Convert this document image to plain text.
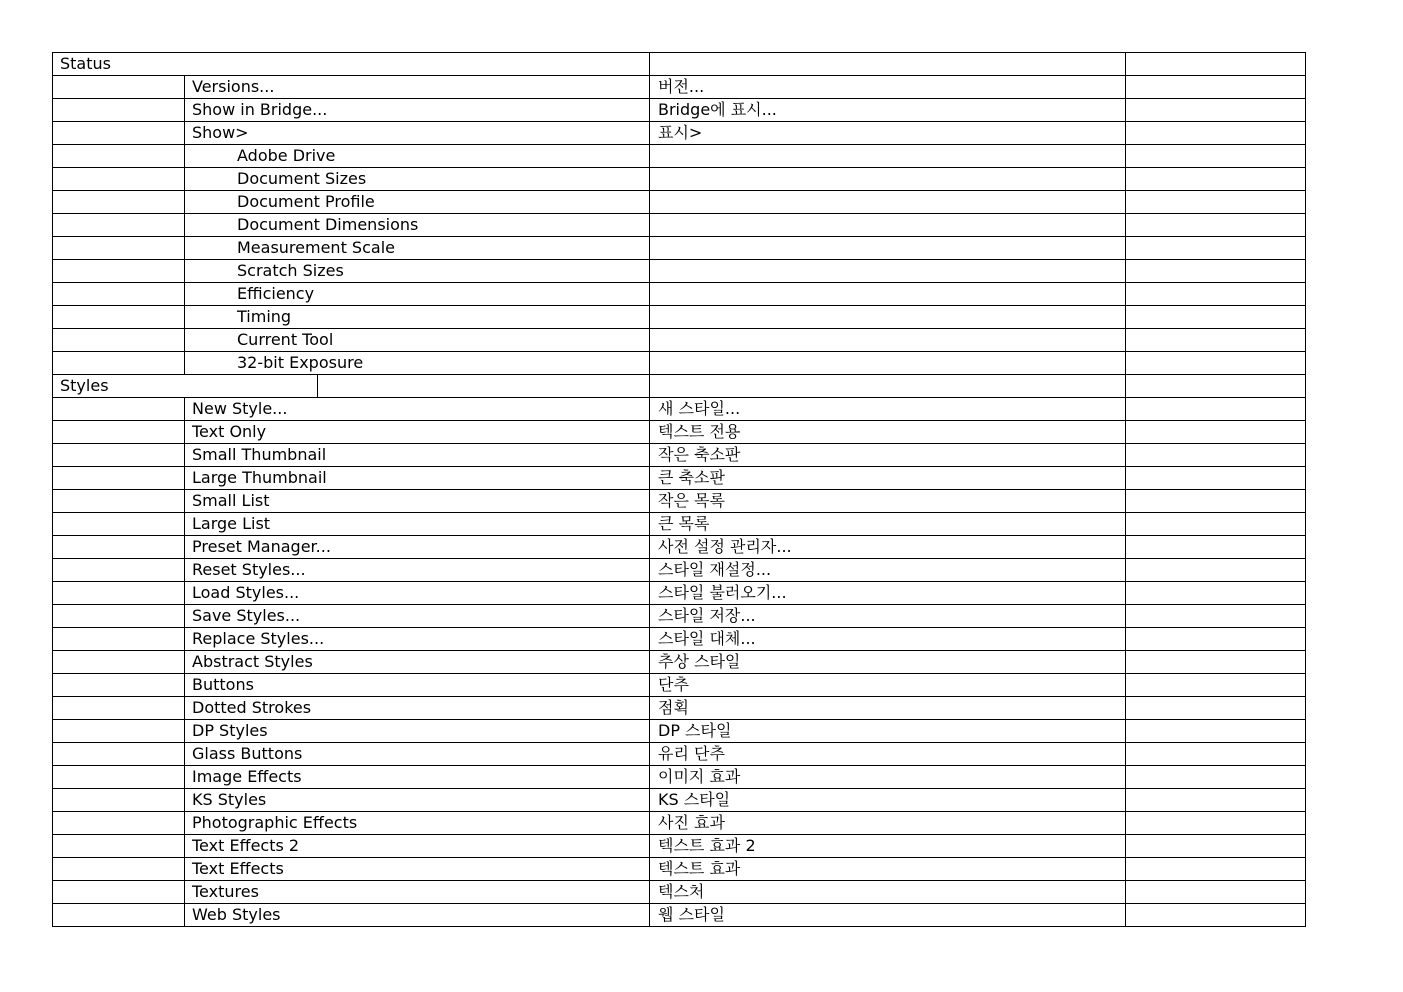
Status			
	Versions...	버전...	
	Show in Bridge...	Bridge에 표시...	
	Show>	표시>	
	Adobe Drive		
	Document Sizes		
	Document Profile		
	Document Dimensions		
	Measurement Scale		
	Scratch Sizes		
	Efficiency		
	Timing		
	Current Tool		
	32-bit Exposure		
Styles	

	New Style...	새 스타일...	
	Text Only	텍스트 전용	
	Small Thumbnail	작은 축소판	
	Large Thumbnail	큰 축소판	
	Small List	작은 목록	
	Large List	큰 목록	
	Preset Manager...	사전 설정 관리자...	
	Reset Styles...	스타일 재설정...	
	Load Styles...	스타일 불러오기...	
	Save Styles...	스타일 저장...	
	Replace Styles...	스타일 대체...	
	Abstract Styles	추상 스타일	
	Buttons	단추	
	Dotted Strokes	점획	
	DP Styles	DP 스타일	
	Glass Buttons	유리 단추	
	Image Effects	이미지 효과	
	KS Styles	KS 스타일	
	Photographic Effects	사진 효과	
	Text Effects 2	텍스트 효과 2	
	Text Effects	텍스트 효과	
	Textures	텍스처	
	Web Styles	웹 스타일	
